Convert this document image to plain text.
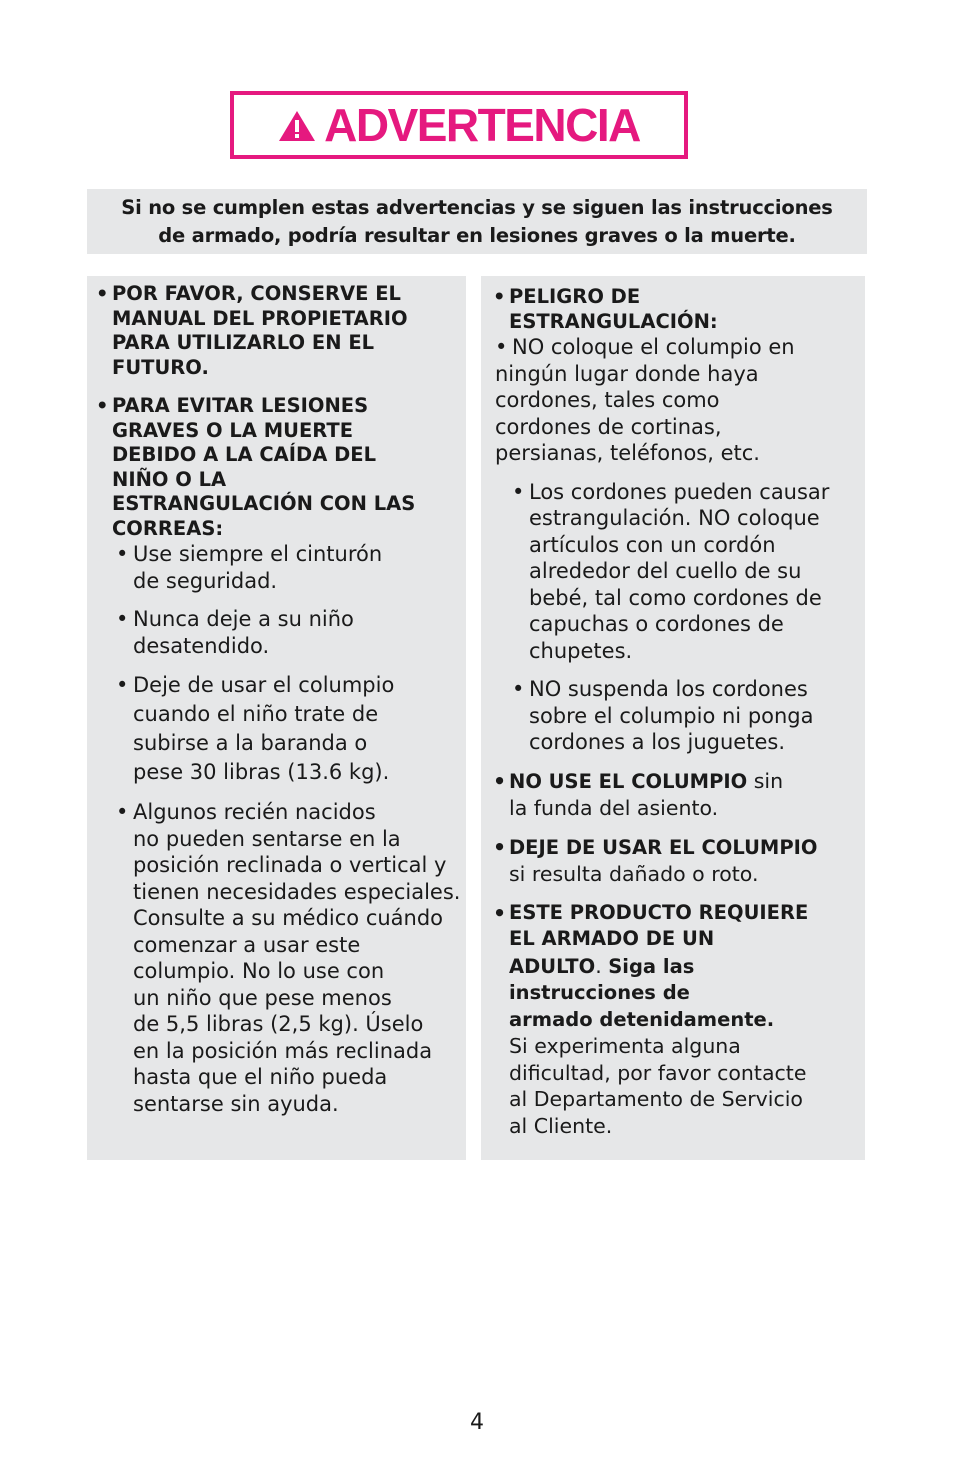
ADVERTENCIA
Si no se cumplen estas advertencias y se siguen las instrucciones
de armado, podría resultar en lesiones graves o la muerte.
• POR FAVOR, CONSERVE EL
MANUAL DEL PROPIETARIO
PARA UTILIZARLO EN EL
FUTURO.
• PARA EVITAR LESIONES
GRAVES O LA MUERTE
DEBIDO A LA CAÍDA DEL
NIÑO O LA
ESTRANGULACIÓN CON LAS
CORREAS:
• Use siempre el cinturón
de seguridad.
• Nunca deje a su niño
desatendido.
• Deje de usar el columpio
cuando el niño trate de
subirse a la baranda o
pese 30 libras (13.6 kg).
• Algunos recién nacidos
no pueden sentarse en la
posición reclinada o vertical y
tienen necesidades especiales.
Consulte a su médico cuándo
comenzar a usar este
columpio. No lo use con
un niño que pese menos
de 5,5 libras (2,5 kg). Úselo
en la posición más reclinada
hasta que el niño pueda
sentarse sin ayuda.
• PELIGRO DE
ESTRANGULACIÓN:
• NO coloque el columpio en
ningún lugar donde haya
cordones, tales como
cordones de cortinas,
persianas, teléfonos, etc.
• Los cordones pueden causar
estrangulación. NO coloque
artículos con un cordón
alrededor del cuello de su
bebé, tal como cordones de
capuchas o cordones de
chupetes.
• NO suspenda los cordones
sobre el columpio ni ponga
cordones a los juguetes.
• NO USE EL COLUMPIO sin
la funda del asiento.
• DEJE DE USAR EL COLUMPIO
si resulta dañado o roto.
• ESTE PRODUCTO REQUIERE
EL ARMADO DE UN
ADULTO. Siga las
instrucciones de
armado detenidamente.
Si experimenta alguna
dificultad, por favor contacte
al Departamento de Servicio
al Cliente.
4
